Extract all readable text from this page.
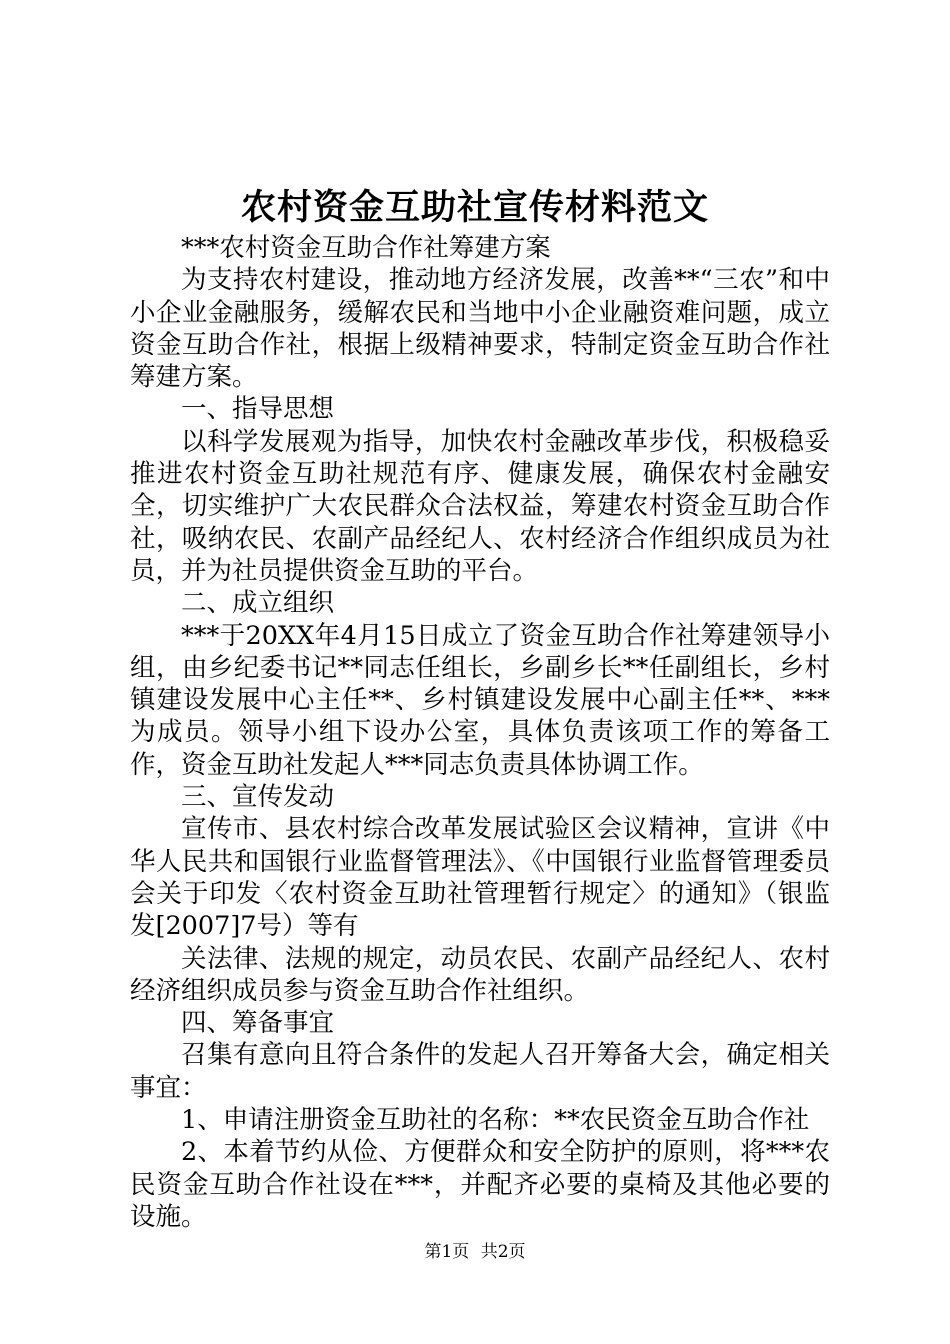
农村资金互助社宣传材料范文

***农村资金互助合作社筹建方案

为支持农村建设，推动地方经济发展，改善**“三农”和中小企业金融服务，缓解农民和当地中小企业融资难问题，成立资金互助合作社，根据上级精神要求，特制定资金互助合作社筹建方案。

一、指导思想

以科学发展观为指导，加快农村金融改革步伐，积极稳妥推进农村资金互助社规范有序、健康发展，确保农村金融安全，切实维护广大农民群众合法权益，筹建农村资金互助合作社，吸纳农民、农副产品经纪人、农村经济合作组织成员为社员，并为社员提供资金互助的平台。

二、成立组织

***于20XX年4月15日成立了资金互助合作社筹建领导小组，由乡纪委书记**同志任组长，乡副乡长**任副组长，乡村镇建设发展中心主任**、乡村镇建设发展中心副主任**、***为成员。领导小组下设办公室，具体负责该项工作的筹备工作，资金互助社发起人***同志负责具体协调工作。

三、宣传发动

宣传市、县农村综合改革发展试验区会议精神，宣讲《中华人民共和国银行业监督管理法》、《中国银行业监督管理委员会关于印发〈农村资金互助社管理暂行规定〉的通知》（银监发[2007]7号）等有

关法律、法规的规定，动员农民、农副产品经纪人、农村经济组织成员参与资金互助合作社组织。

四、筹备事宜

召集有意向且符合条件的发起人召开筹备大会，确定相关事宜：

1、申请注册资金互助社的名称：**农民资金互助合作社

2、本着节约从俭、方便群众和安全防护的原则，将***农民资金互助合作社设在***，并配齐必要的桌椅及其他必要的设施。

第1页 共2页
